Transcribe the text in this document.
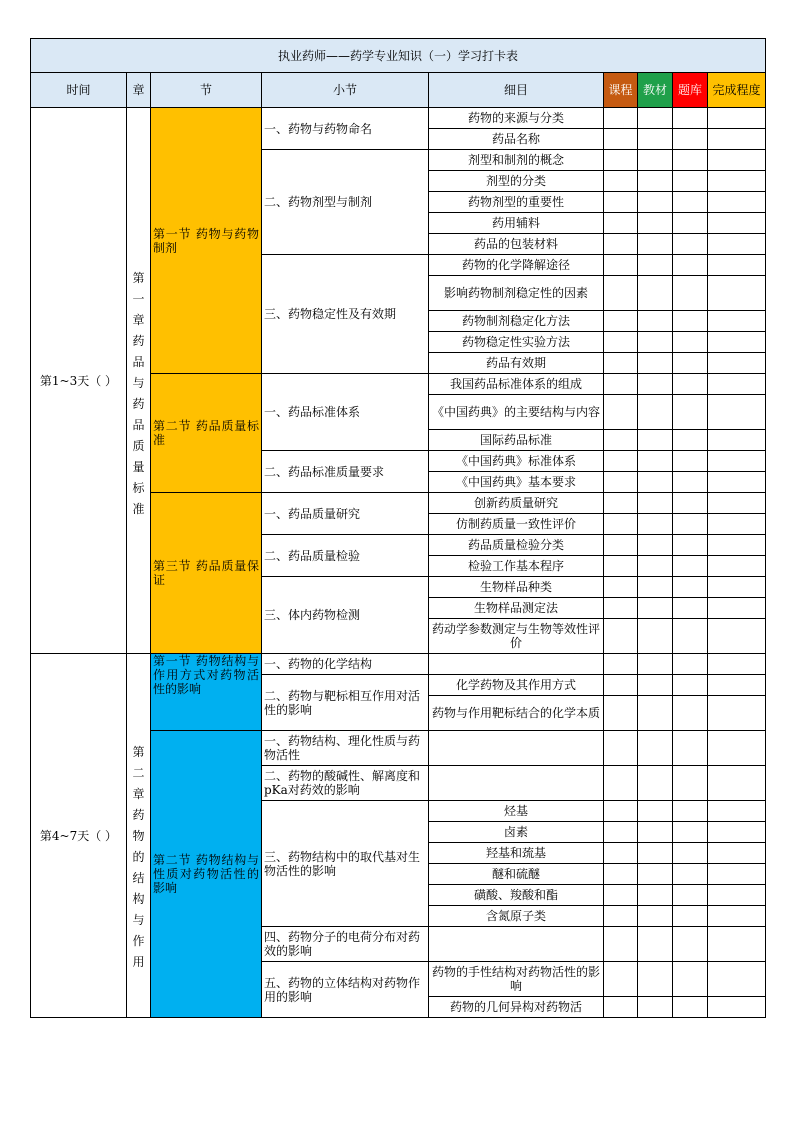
执业药师——药学专业知识（一）学习打卡表								
时间	章	节	小节	细目	课程	教材	题库	完成程度
第1~3天（ ）	第一章 药品与药品质量标准	第一节 药物与药物制剂	一、药物与药物命名	药物的来源与分类				
				药品名称				
			二、药物剂型与制剂	剂型和制剂的概念				
				剂型的分类				
				药物剂型的重要性				
				药用辅料				
				药品的包装材料				
			三、药物稳定性及有效期	药物的化学降解途径				
				影响药物制剂稳定性的因素				
				药物制剂稳定化方法				
				药物稳定性实验方法				
				药品有效期				
		第二节 药品质量标准	一、药品标准体系	我国药品标准体系的组成				
				《中国药典》的主要结构与内容				
				国际药品标准				
			二、药品标准质量要求	《中国药典》标准体系				
				《中国药典》基本要求				
		第三节 药品质量保证	一、药品质量研究	创新药质量研究				
				仿制药质量一致性评价				
			二、药品质量检验	药品质量检验分类				
				检验工作基本程序				
			三、体内药物检测	生物样品种类				
				生物样品测定法				
				药动学参数测定与生物等效性评价				
第4~7天（ ）	第二章 药物的结构与作用	第一节 药物结构与作用方式对药物活性的影响	一、药物的化学结构					
			二、药物与靶标相互作用对活性的影响	化学药物及其作用方式				
				药物与作用靶标结合的化学本质				
		第二节 药物结构与性质对药物活性的影响	一、药物结构、理化性质与药物活性					
			二、药物的酸碱性、解离度和pKa对药效的影响					
			三、药物结构中的取代基对生物活性的影响	烃基				
				卤素				
				羟基和巯基				
				醚和硫醚				
				磺酸、羧酸和酯				
				含氮原子类				
			四、药物分子的电荷分布对药效的影响					
			五、药物的立体结构对药物作用的影响	药物的手性结构对药物活性的影响				
				药物的几何异构对药物活				
